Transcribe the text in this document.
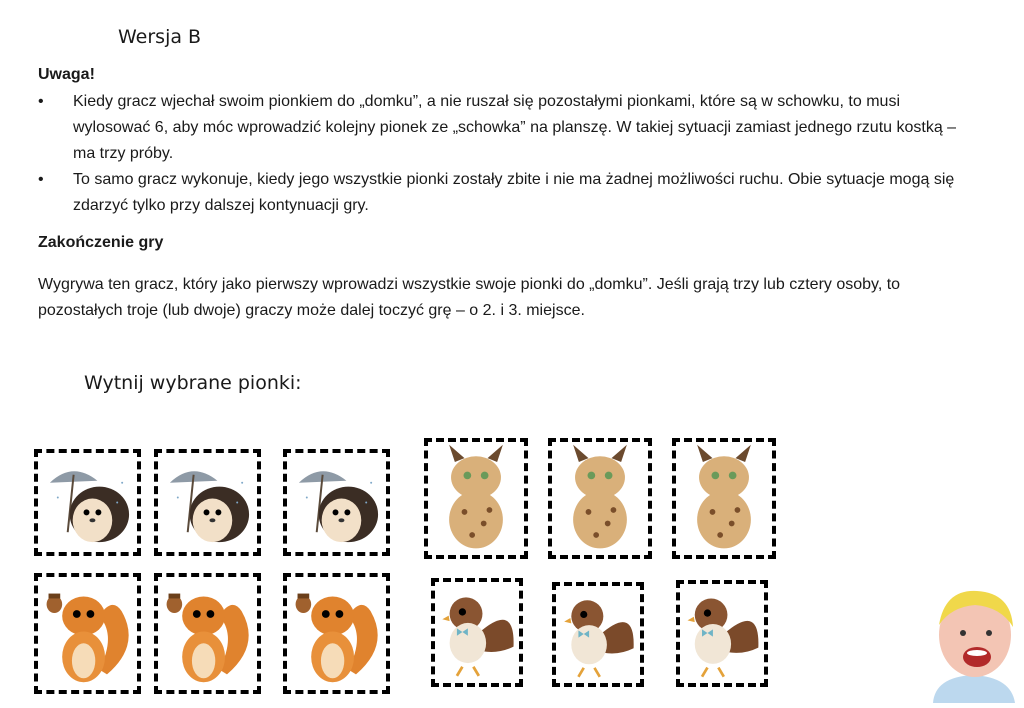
Wersja B
Uwaga!
• Kiedy gracz wjechał swoim pionkiem do „domku”, a nie ruszał się pozostałymi pionkami, które są w schowku, to musi wylosować 6, aby móc wprowadzić kolejny pionek ze „schowka” na planszę. W takiej sytuacji zamiast jednego rzutu kostką – ma trzy próby.
• To samo gracz wykonuje, kiedy jego wszystkie pionki zostały zbite i nie ma żadnej możliwości ruchu. Obie sytuacje mogą się zdarzyć tylko przy dalszej kontynuacji gry.
Zakończenie gry
Wygrywa ten gracz, który jako pierwszy wprowadzi wszystkie swoje pionki do „domku”. Jeśli grają trzy lub cztery osoby, to pozostałych troje (lub dwoje) graczy może dalej toczyć grę – o 2. i 3. miejsce.
Wytnij wybrane pionki:
